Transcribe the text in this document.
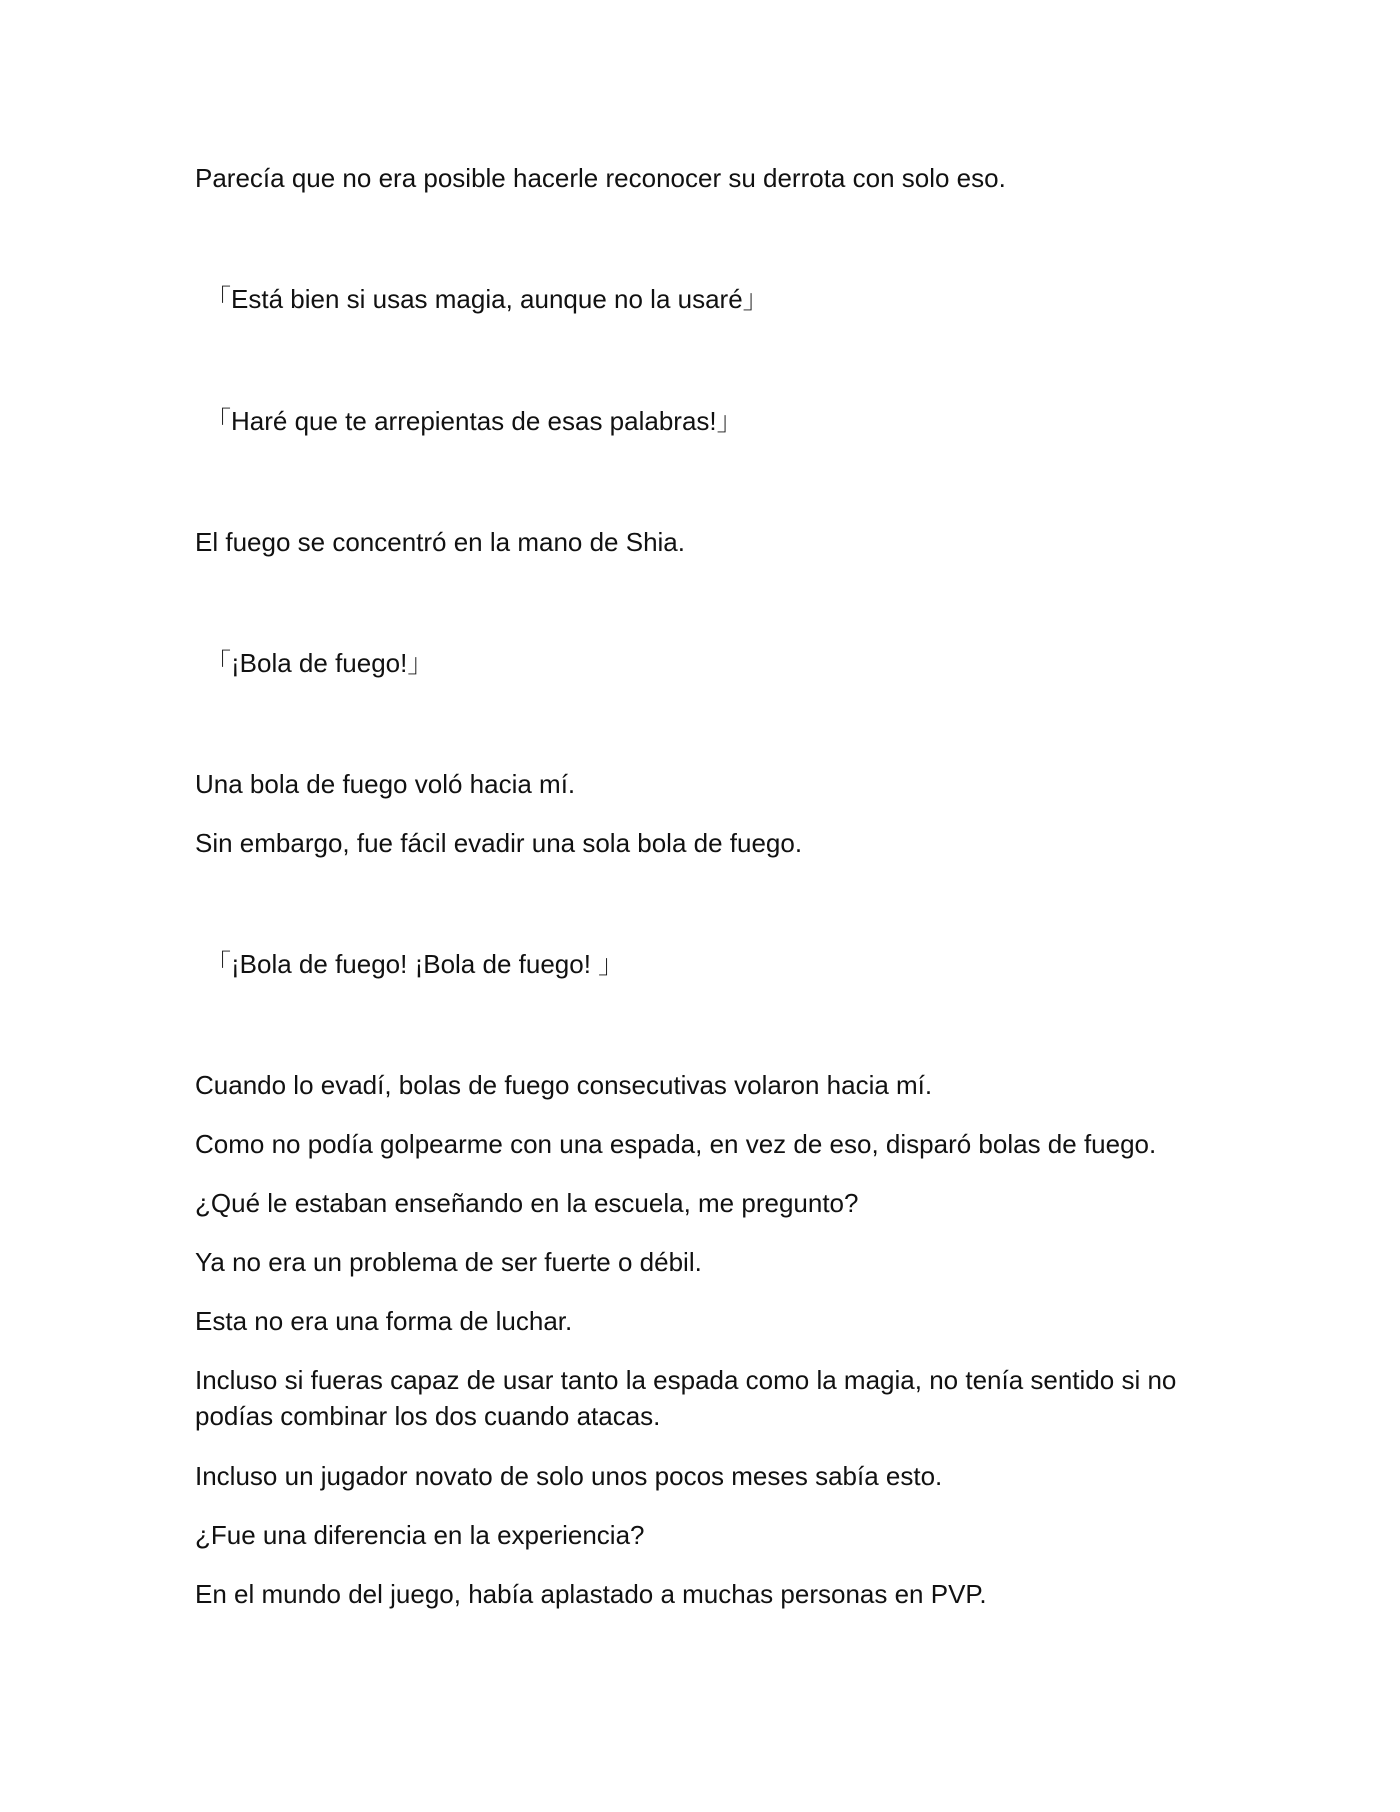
Parecía que no era posible hacerle reconocer su derrota con solo eso.

「Está bien si usas magia, aunque no la usaré」

「Haré que te arrepientas de esas palabras!」

El fuego se concentró en la mano de Shia.

「¡Bola de fuego!」

Una bola de fuego voló hacia mí.

Sin embargo, fue fácil evadir una sola bola de fuego.

「¡Bola de fuego! ¡Bola de fuego! 」

Cuando lo evadí, bolas de fuego consecutivas volaron hacia mí.

Como no podía golpearme con una espada, en vez de eso, disparó bolas de fuego.

¿Qué le estaban enseñando en la escuela, me pregunto?

Ya no era un problema de ser fuerte o débil.

Esta no era una forma de luchar.

Incluso si fueras capaz de usar tanto la espada como la magia, no tenía sentido si no podías combinar los dos cuando atacas.

Incluso un jugador novato de solo unos pocos meses sabía esto.

¿Fue una diferencia en la experiencia?

En el mundo del juego, había aplastado a muchas personas en PVP.
